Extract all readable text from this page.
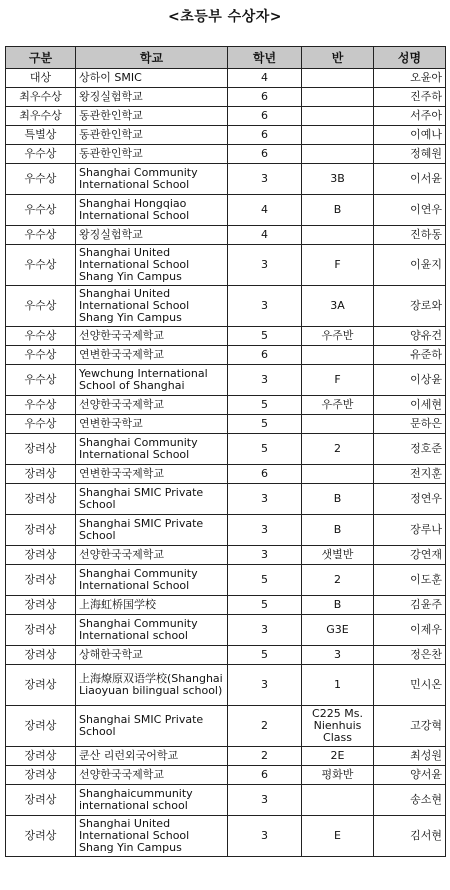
<초등부 수상자>
구분	학교	학년	반	성명
대상	상하이 SMIC	4		오윤아
최우수상	왕징실험학교	6		진주하
최우수상	동관한인학교	6		서주아
특별상	동관한인학교	6		이예나
우수상	동관한인학교	6		정혜원
우수상	Shanghai Community International School	3	3B	이서윤
우수상	Shanghai Hongqiao International School	4	B	이연우
우수상	왕징실험학교	4		진하동
우수상	Shanghai United International School Shang Yin Campus	3	F	이윤지
우수상	Shanghai United International School Shang Yin Campus	3	3A	장로와
우수상	선양한국국제학교	5	우주반	양유건
우수상	연변한국국제학교	6		유준하
우수상	Yewchung International School of Shanghai	3	F	이상윤
우수상	선양한국국제학교	5	우주반	이세현
우수상	연변한국학교	5		문하은
장려상	Shanghai Community International School	5	2	정호준
장려상	연변한국국제학교	6		전지훈
장려상	Shanghai SMIC Private School	3	B	정연우
장려상	Shanghai SMIC Private School	3	B	장루나
장려상	선양한국국제학교	3	샛별반	강연재
장려상	Shanghai Community International School	5	2	이도훈
장려상	上海虹桥国学校	5	B	김윤주
장려상	Shanghai Community International school	3	G3E	이제우
장려상	상해한국학교	5	3	정은찬
장려상	上海燎原双语学校(Shanghai Liaoyuan bilingual school)	3	1	민시온
장려상	Shanghai SMIC Private School	2	C225 Ms. Nienhuis Class	고강혁
장려상	쿤산 리런외국어학교	2	2E	최성원
장려상	선양한국국제학교	6	평화반	양서윤
장려상	Shanghaicummunity international school	3		송소현
장려상	Shanghai United International School Shang Yin Campus	3	E	김서현
